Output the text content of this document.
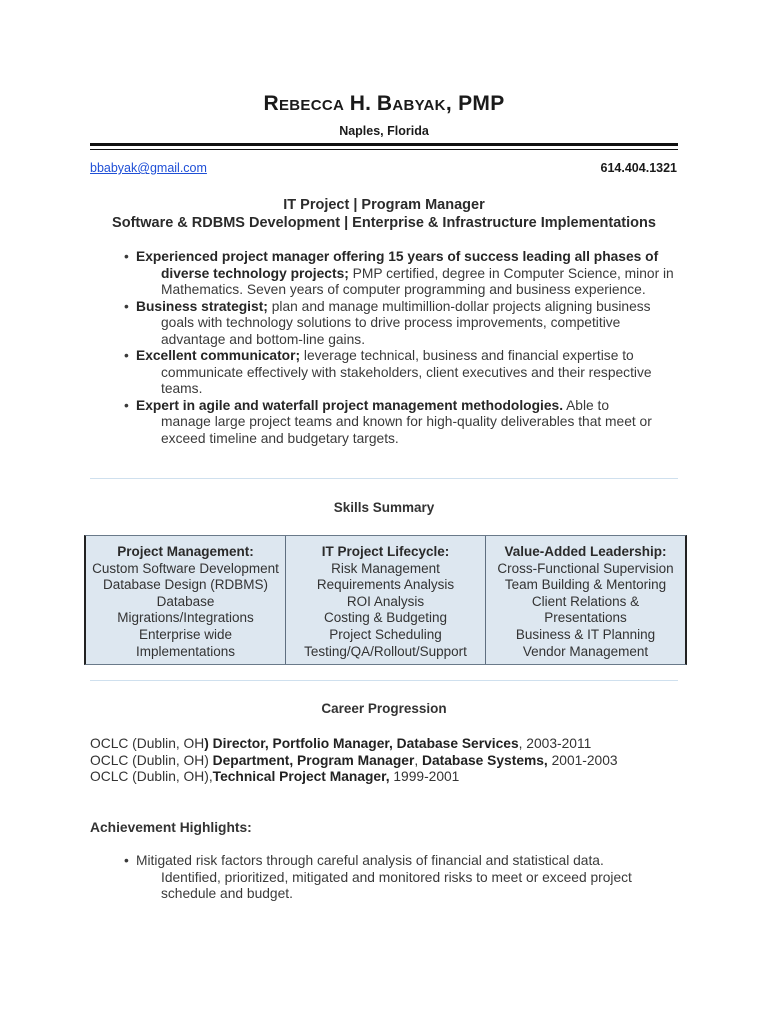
REBECCA H. BABYAK, PMP
Naples, Florida
bbabyak@gmail.com	614.404.1321
IT Project | Program Manager
Software & RDBMS Development | Enterprise & Infrastructure Implementations
• Experienced project manager offering 15 years of success leading all phases of
diverse technology projects; PMP certified, degree in Computer Science, minor in
Mathematics. Seven years of computer programming and business experience.
• Business strategist; plan and manage multimillion-dollar projects aligning business
goals with technology solutions to drive process improvements, competitive
advantage and bottom-line gains.
• Excellent communicator; leverage technical, business and financial expertise to
communicate effectively with stakeholders, client executives and their respective
teams.
• Expert in agile and waterfall project management methodologies. Able to
manage large project teams and known for high-quality deliverables that meet or
exceed timeline and budgetary targets.
Skills Summary
Project Management:
Custom Software Development
Database Design (RDBMS)
Database
Migrations/Integrations
Enterprise wide
Implementations
IT Project Lifecycle:
Risk Management
Requirements Analysis
ROI Analysis
Costing & Budgeting
Project Scheduling
Testing/QA/Rollout/Support
Value-Added Leadership:
Cross-Functional Supervision
Team Building & Mentoring
Client Relations &
Presentations
Business & IT Planning
Vendor Management
Career Progression
OCLC (Dublin, OH) Director, Portfolio Manager, Database Services, 2003-2011
OCLC (Dublin, OH) Department, Program Manager, Database Systems, 2001-2003
OCLC (Dublin, OH),Technical Project Manager, 1999-2001
Achievement Highlights:
• Mitigated risk factors through careful analysis of financial and statistical data.
Identified, prioritized, mitigated and monitored risks to meet or exceed project
schedule and budget.
